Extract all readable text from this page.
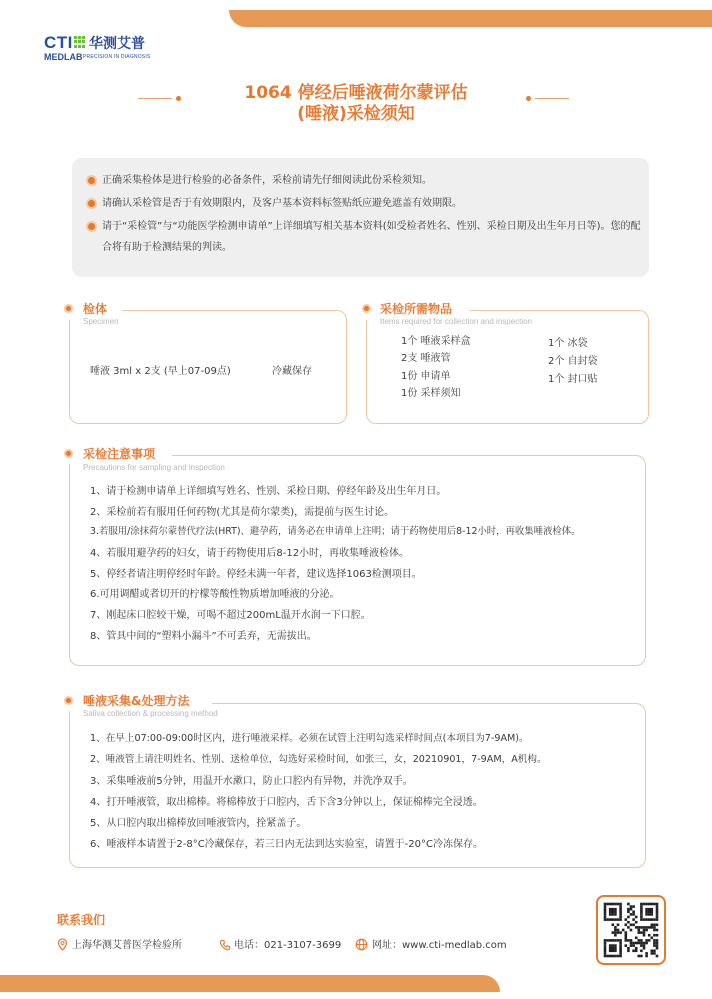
CTI 华测艾普
MEDLAB PRECISION IN DIAGNOSIS
1064 停经后唾液荷尔蒙评估
(唾液)采检须知
正确采集检体是进行检验的必备条件，采检前请先仔细阅读此份采检须知。
请确认采检管是否于有效期限内，及客户基本资料标签贴纸应避免遮盖有效期限。
请于“采检管”与“功能医学检测申请单”上详细填写相关基本资料(如受检者姓名、性别、采检日期及出生年月日等)。您的配合将有助于检测结果的判读。
检体
Specimen
唾液 3ml x 2支 (早上07-09点)	冷藏保存
采检所需物品
Items required for collection and inspection
1个 唾液采样盒
2支 唾液管
1份 申请单
1份 采样须知
1个 冰袋
2个 自封袋
1个 封口贴
采检注意事项
Precautions for sampling and inspection
1、请于检测申请单上详细填写姓名、性别、采检日期、停经年龄及出生年月日。
2、采检前若有服用任何药物(尤其是荷尔蒙类)，需提前与医生讨论。
3.若服用/涂抹荷尔蒙替代疗法(HRT)、避孕药，请务必在申请单上注明；请于药物使用后8-12小时，再收集唾液检体。
4、若服用避孕药的妇女，请于药物使用后8-12小时，再收集唾液检体。
5、停经者请注明停经时年龄。停经未满一年者，建议选择1063检测项目。
6.可用调醋或者切开的柠檬等酸性物质增加唾液的分泌。
7、刚起床口腔较干燥，可喝不超过200mL温开水润一下口腔。
8、管具中间的“塑料小漏斗”不可丢弃，无需拔出。
唾液采集&处理方法
Saliva collection & processing method
1、在早上07:00-09:00时区内，进行唾液采样。必须在试管上注明勾选采样时间点(本项目为7-9AM)。
2、唾液管上请注明姓名、性别、送检单位，勾选好采检时间，如张三，女，20210901，7-9AM，A机构。
3、采集唾液前5分钟，用温开水漱口，防止口腔内有异物，并洗净双手。
4、打开唾液管，取出棉棒。将棉棒放于口腔内，舌下含3分钟以上，保证棉棒完全浸透。
5、从口腔内取出棉棒放回唾液管内，拴紧盖子。
6、唾液样本请置于2-8°C冷藏保存，若三日内无法到达实验室，请置于-20°C冷冻保存。
联系我们
上海华测艾普医学检验所	电话：021-3107-3699	网址：www.cti-medlab.com
